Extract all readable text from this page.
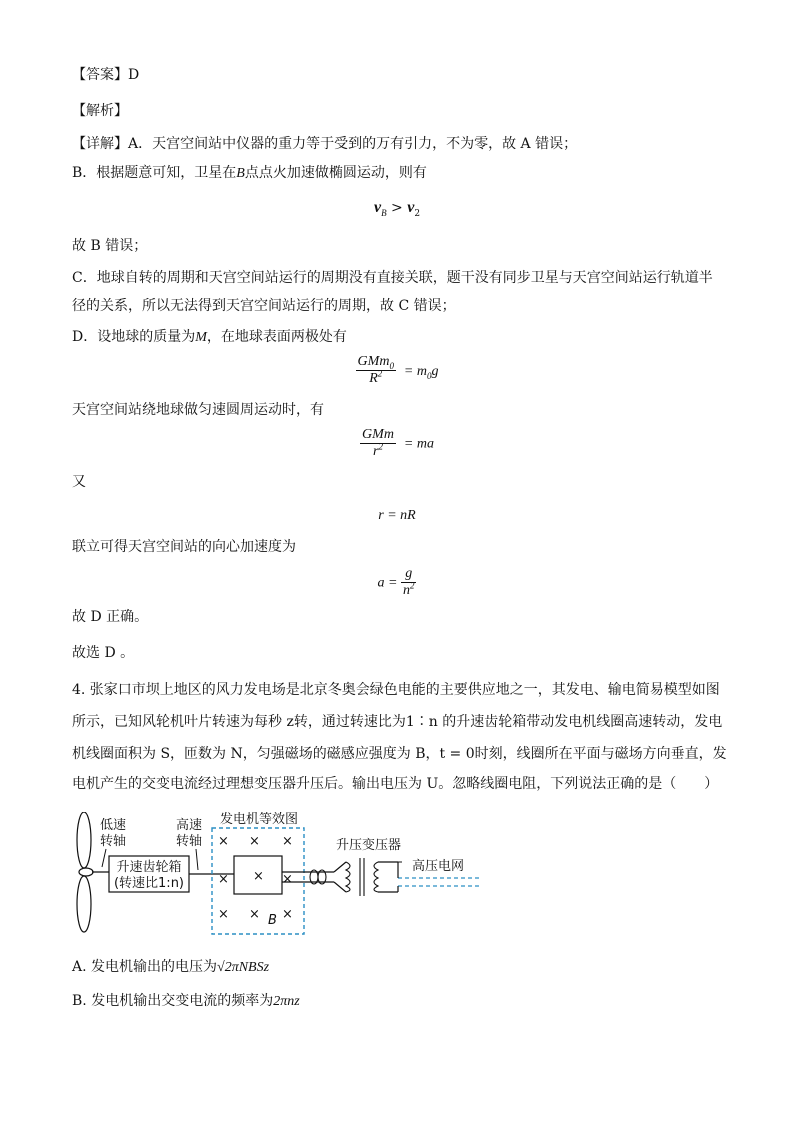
【答案】D
【解析】
【详解】A．天宫空间站中仪器的重力等于受到的万有引力，不为零，故 A 错误；
B．根据题意可知，卫星在B点点火加速做椭圆运动，则有
$v_B > v_2$
故 B 错误；
C．地球自转的周期和天宫空间站运行的周期没有直接关联，题干没有同步卫星与天宫空间站运行轨道半
径的关系，所以无法得到天宫空间站运行的周期，故 C 错误；
D．设地球的质量为M，在地球表面两极处有
$\frac{GMm_0}{R^2} = m_0g$
天宫空间站绕地球做匀速圆周运动时，有
$\frac{\text{GMm}}{r^2}$ = ma
又
r = nR
联立可得天宫空间站的向心加速度为
$a = \frac{g}{n^2}$
故 D 正确。
故选 D 。
4. 张家口市坝上地区的风力发电场是北京冬奥会绿色电能的主要供应地之一，其发电、输电简易模型如图
所示，已知风轮机叶片转速为每秒 z转，通过转速比为1∶n 的升速齿轮箱带动发电机线圈高速转动，发电
机线圈面积为 S，匝数为 N，匀强磁场的磁感应强度为 B，t = 0时刻，线圈所在平面与磁场方向垂直，发
电机产生的交变电流经过理想变压器升压后。输出电压为 U。忽略线圈电阻，下列说法正确的是（　　）
升速齿轮箱
(转速比1:n)
低速
转轴
高速
转轴
发电机等效图
× × ×
×	×
× × ×
×
B
升压变压器
高压电网
A. 发电机输出的电压为√2πNBSz
B. 发电机输出交变电流的频率为2πnz
